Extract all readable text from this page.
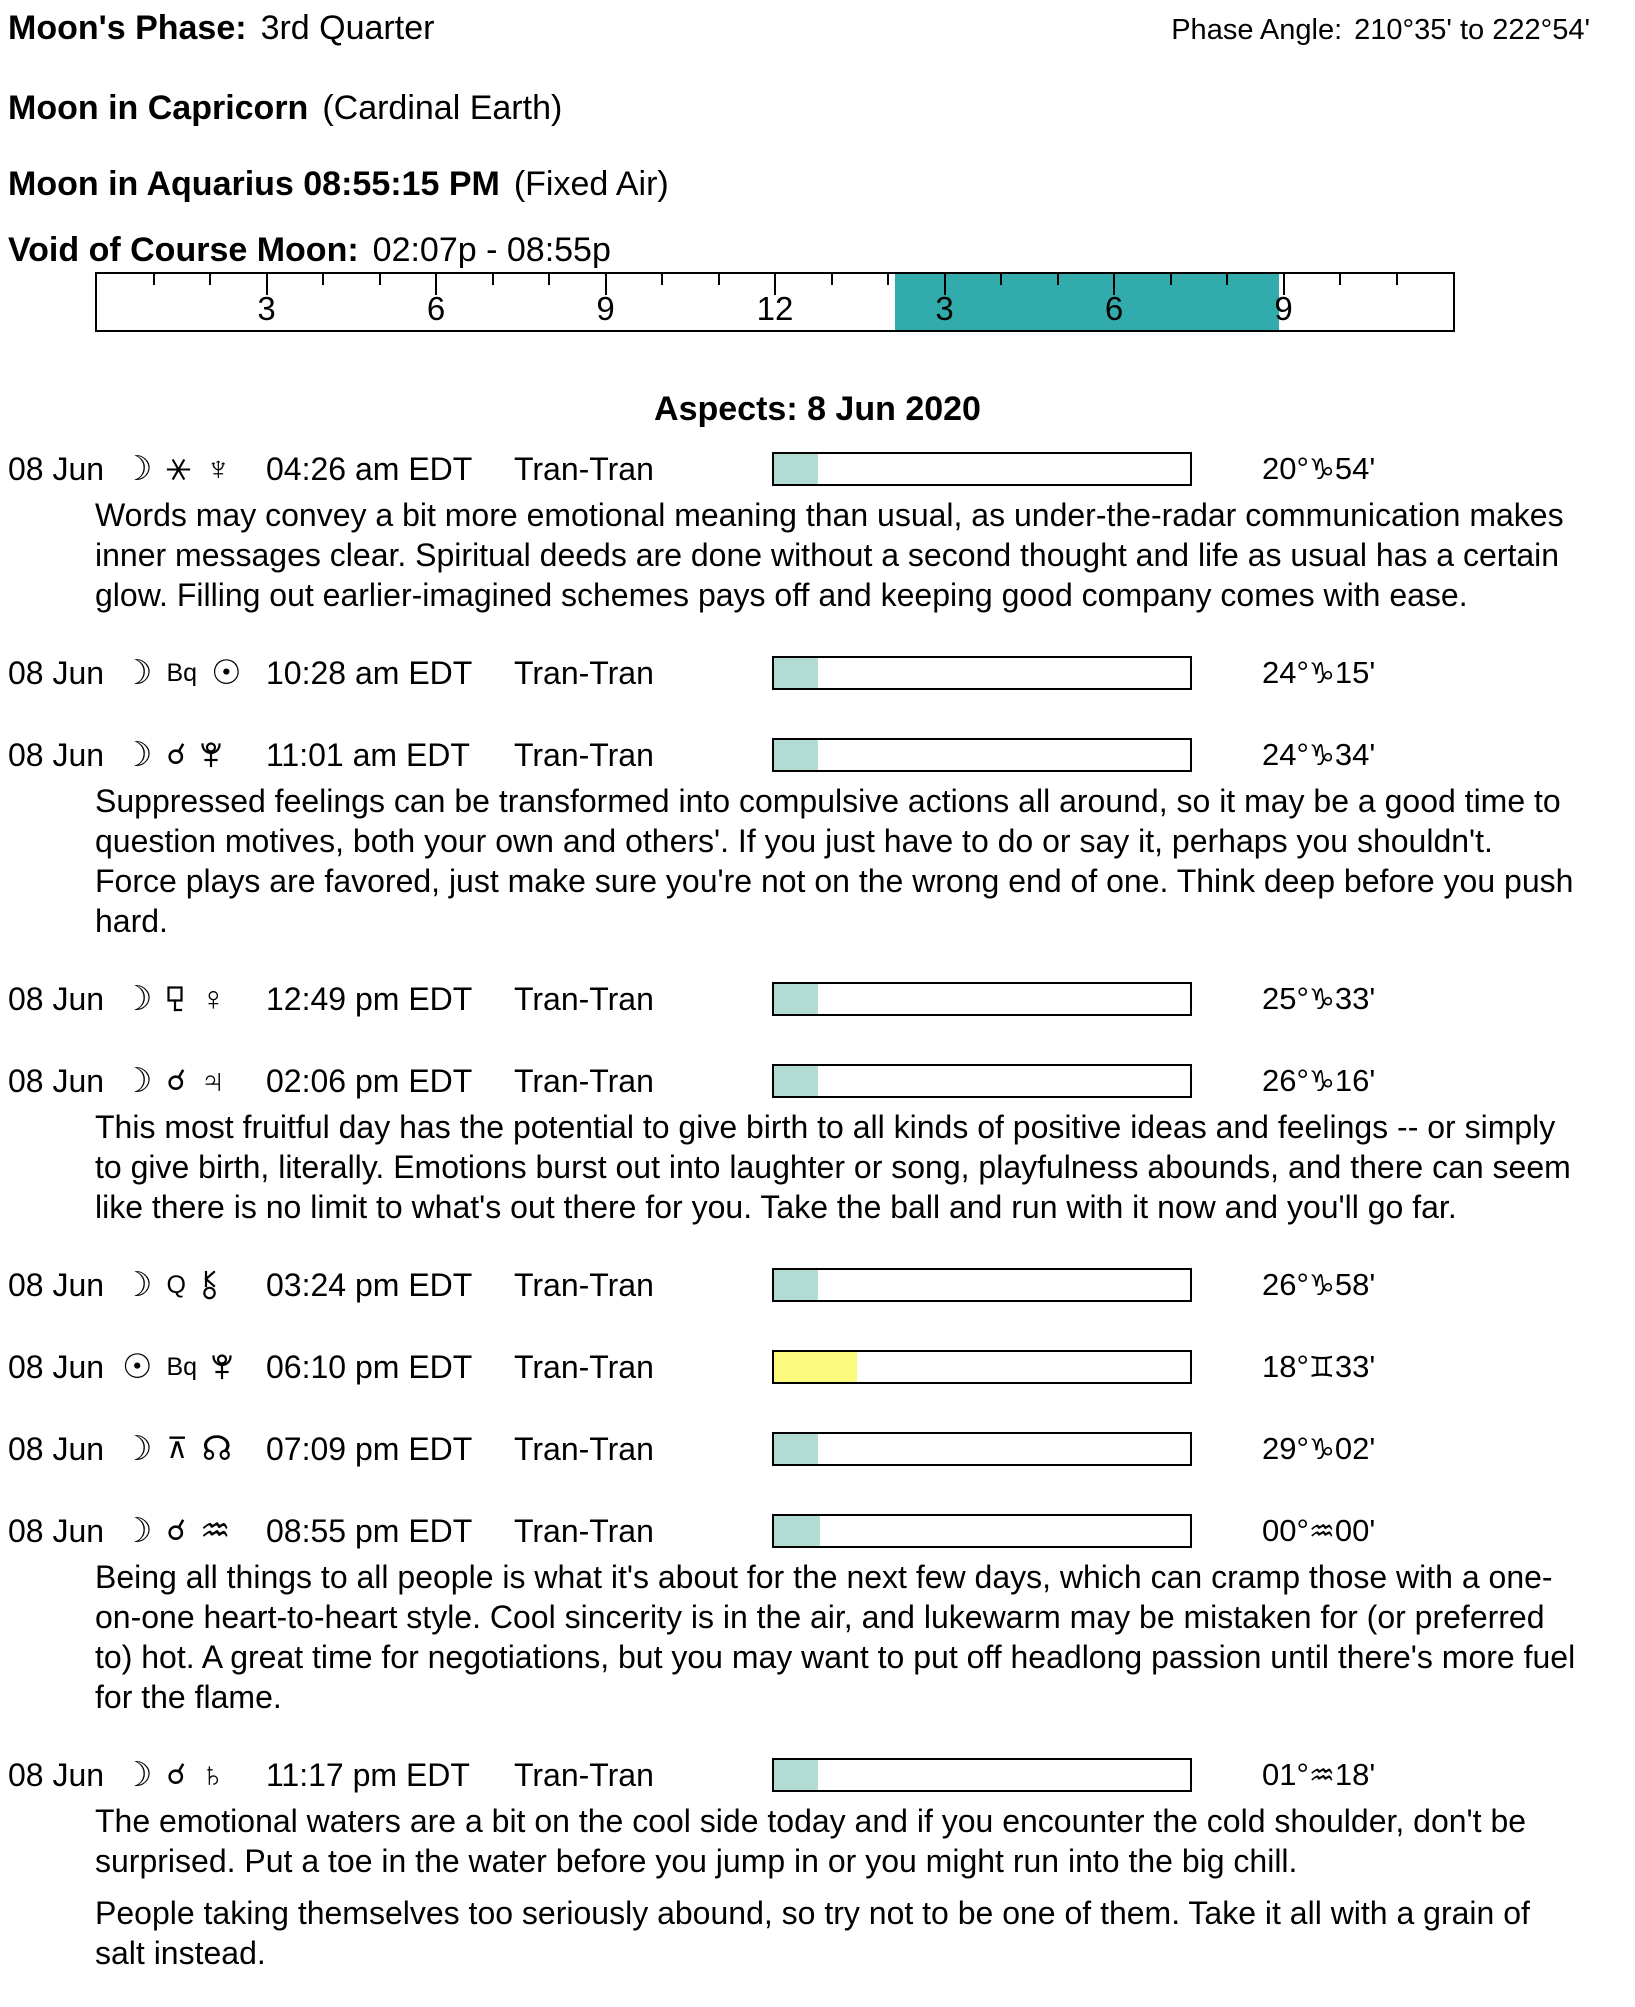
Moon's Phase: 3rd Quarter	Phase Angle: 210°35' to 222°54'
Moon in Capricorn (Cardinal Earth)
Moon in Aquarius 08:55:15 PM (Fixed Air)
Void of Course Moon: 02:07p - 08:55p
3	6	9	12	3	6	9
Aspects: 8 Jun 2020
08 Jun ☽ ♆ 04:26 am EDT	Tran-Tran	20°♑54'
Words may convey a bit more emotional meaning than usual, as under-the-radar communication makes inner messages clear. Spiritual deeds are done without a second thought and life as usual has a certain glow. Filling out earlier-imagined schemes pays off and keeping good company comes with ease.
08 Jun ☽ Bq ☉ 10:28 am EDT	Tran-Tran	24°♑15'
08 Jun ☽ ☌	11:01 am EDT	Tran-Tran	24°♑34'
Suppressed feelings can be transformed into compulsive actions all around, so it may be a good time to question motives, both your own and others'. If you just have to do or say it, perhaps you shouldn't. Force plays are favored, just make sure you're not on the wrong end of one. Think deep before you push hard.
08 Jun ☽ ♀ 12:49 pm EDT	Tran-Tran	25°♑33'
08 Jun ☽ ☌ ♃ 02:06 pm EDT	Tran-Tran	26°♑16'
This most fruitful day has the potential to give birth to all kinds of positive ideas and feelings -- or simply to give birth, literally. Emotions burst out into laughter or song, playfulness abounds, and there can seem like there is no limit to what's out there for you. Take the ball and run with it now and you'll go far.
08 Jun ☽ Q	03:24 pm EDT	Tran-Tran	26°♑58'
08 Jun ☉ Bq 06:10 pm EDT	Tran-Tran	18°♊33'
08 Jun ☽ ⊼ ☊ 07:09 pm EDT	Tran-Tran	29°♑02'
08 Jun ☽ ☌ ♒ 08:55 pm EDT	Tran-Tran	00°♒00'
Being all things to all people is what it's about for the next few days, which can cramp those with a one-on-one heart-to-heart style. Cool sincerity is in the air, and lukewarm may be mistaken for (or preferred to) hot. A great time for negotiations, but you may want to put off headlong passion until there's more fuel for the flame.
08 Jun ☽ ☌ ♄ 11:17 pm EDT	Tran-Tran	01°♒18'
The emotional waters are a bit on the cool side today and if you encounter the cold shoulder, don't be surprised. Put a toe in the water before you jump in or you might run into the big chill.
People taking themselves too seriously abound, so try not to be one of them. Take it all with a grain of salt instead.
